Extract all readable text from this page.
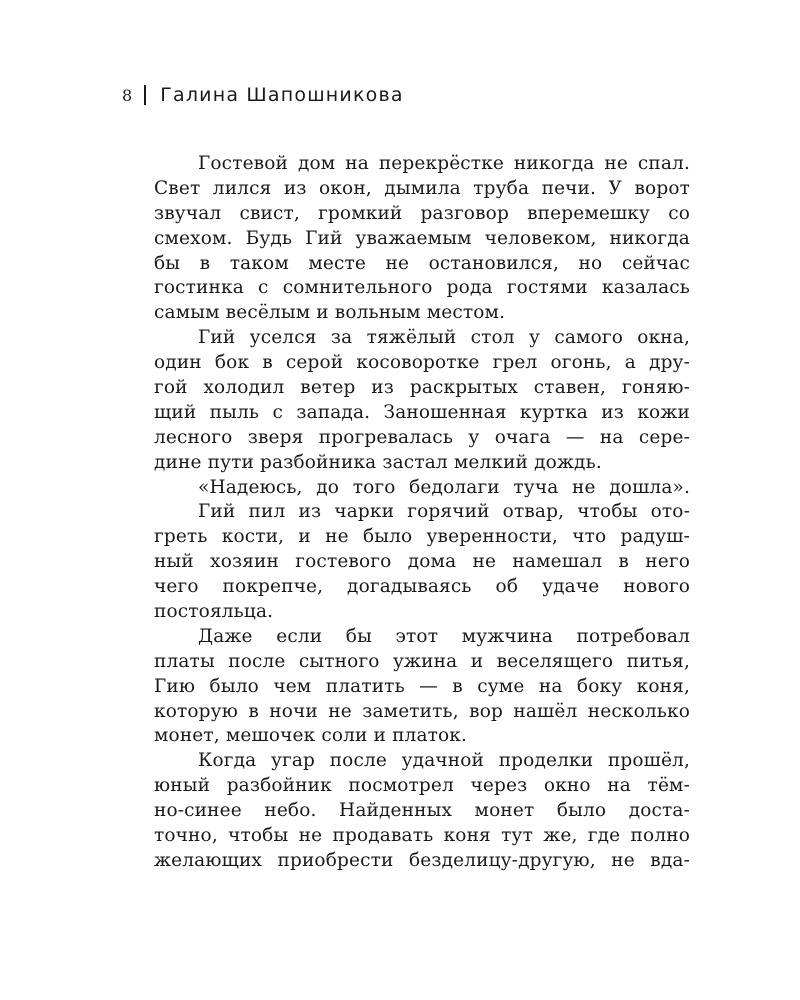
8 Галина Шапошникова
Гостевой дом на перекрёстке никогда не спал.
Свет лился из окон, дымила труба печи. У ворот
звучал свист, громкий разговор вперемешку со
смехом. Будь Гий уважаемым человеком, никогда
бы в таком месте не остановился, но сейчас
гостинка с сомнительного рода гостями казалась
самым весёлым и вольным местом.
Гий уселся за тяжёлый стол у самого окна,
один бок в серой косоворотке грел огонь, а дру-
гой холодил ветер из раскрытых ставен, гоняю-
щий пыль с запада. Заношенная куртка из кожи
лесного зверя прогревалась у очага — на сере-
дине пути разбойника застал мелкий дождь.
«Надеюсь, до того бедолаги туча не дошла».
Гий пил из чарки горячий отвар, чтобы ото-
греть кости, и не было уверенности, что радуш-
ный хозяин гостевого дома не намешал в него
чего покрепче, догадываясь об удаче нового
постояльца.
Даже если бы этот мужчина потребовал
платы после сытного ужина и веселящего питья,
Гию было чем платить — в суме на боку коня,
которую в ночи не заметить, вор нашёл несколько
монет, мешочек соли и платок.
Когда угар после удачной проделки прошёл,
юный разбойник посмотрел через окно на тём-
но-синее небо. Найденных монет было доста-
точно, чтобы не продавать коня тут же, где полно
желающих приобрести безделицу-другую, не вда-
